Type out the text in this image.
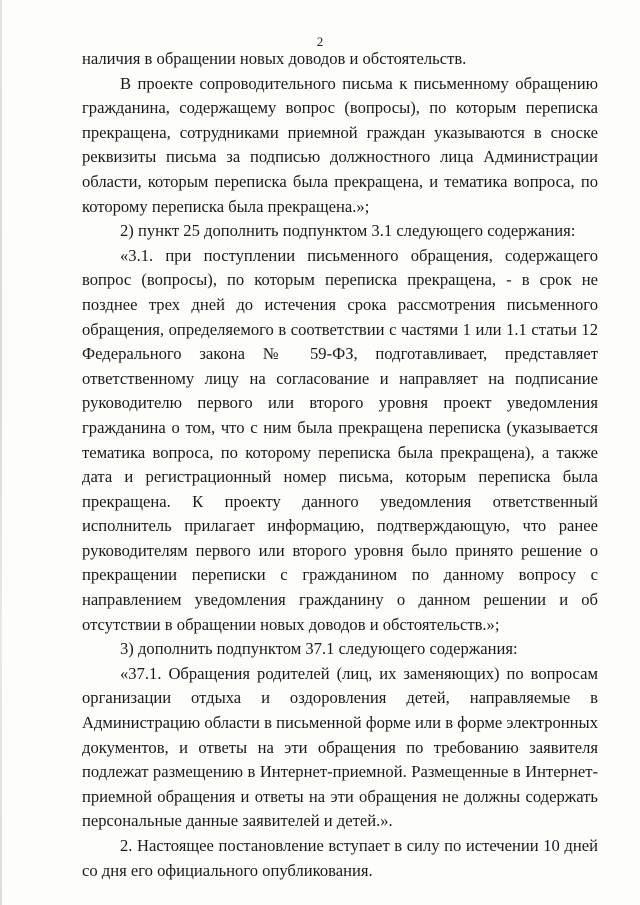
2

наличия в обращении новых доводов и обстоятельств.

В проекте сопроводительного письма к письменному обращению гражданина, содержащему вопрос (вопросы), по которым переписка прекращена, сотрудниками приемной граждан указываются в сноске реквизиты письма за подписью должностного лица Администрации области, которым переписка была прекращена, и тематика вопроса, по которому переписка была прекращена.»;

2) пункт 25 дополнить подпунктом 3.1 следующего содержания:

«3.1. при поступлении письменного обращения, содержащего вопрос (вопросы), по которым переписка прекращена, - в срок не позднее трех дней до истечения срока рассмотрения письменного обращения, определяемого в соответствии с частями 1 или 1.1 статьи 12 Федерального закона № 59-ФЗ, подготавливает, представляет ответственному лицу на согласование и направляет на подписание руководителю первого или второго уровня проект уведомления гражданина о том, что с ним была прекращена переписка (указывается тематика вопроса, по которому переписка была прекращена), а также дата и регистрационный номер письма, которым переписка была прекращена. К проекту данного уведомления ответственный исполнитель прилагает информацию, подтверждающую, что ранее руководителям первого или второго уровня было принято решение о прекращении переписки с гражданином по данному вопросу с направлением уведомления гражданину о данном решении и об отсутствии в обращении новых доводов и обстоятельств.»;

3) дополнить подпунктом 37.1 следующего содержания:

«37.1. Обращения родителей (лиц, их заменяющих) по вопросам организации отдыха и оздоровления детей, направляемые в Администрацию области в письменной форме или в форме электронных документов, и ответы на эти обращения по требованию заявителя подлежат размещению в Интернет-приемной. Размещенные в Интернет-приемной обращения и ответы на эти обращения не должны содержать персональные данные заявителей и детей.».

2. Настоящее постановление вступает в силу по истечении 10 дней со дня его официального опубликования.
